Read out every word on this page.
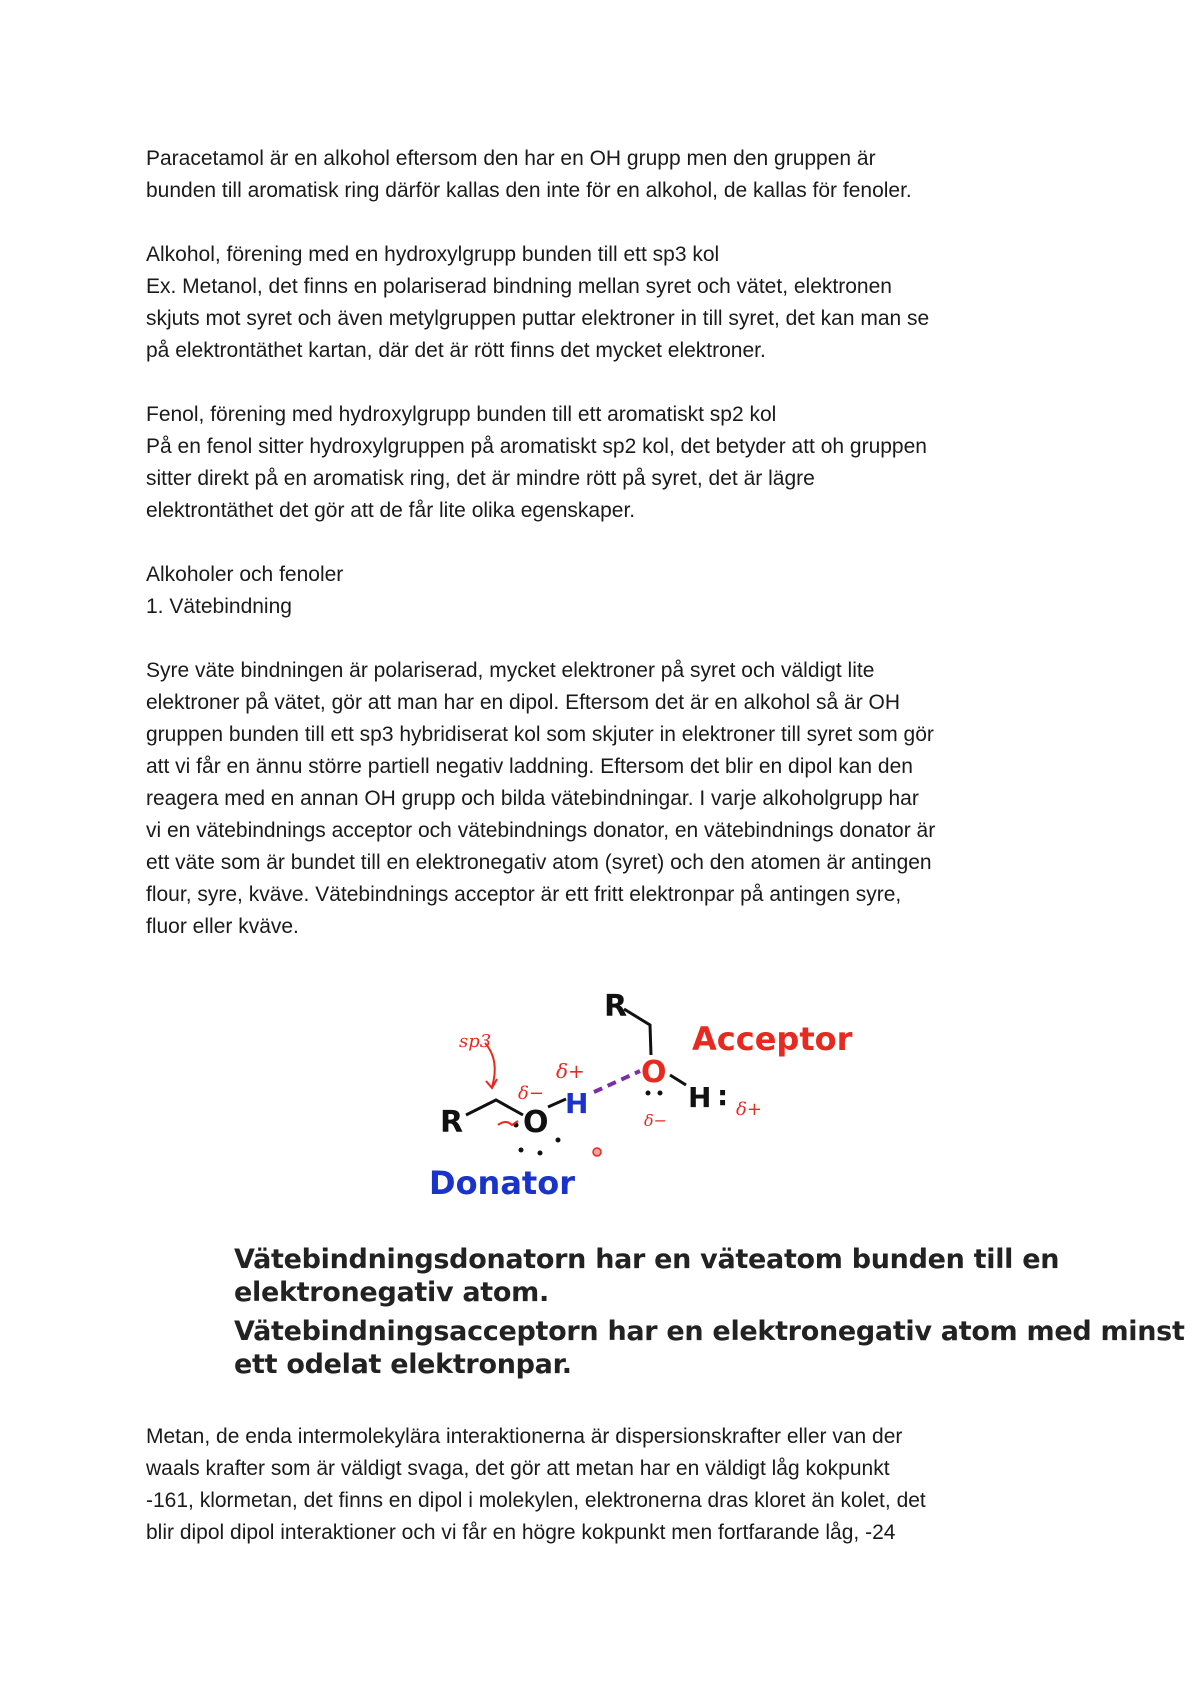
Paracetamol är en alkohol eftersom den har en OH grupp men den gruppen är
bunden till aromatisk ring därför kallas den inte för en alkohol, de kallas för fenoler.
Alkohol, förening med en hydroxylgrupp bunden till ett sp3 kol
Ex. Metanol, det finns en polariserad bindning mellan syret och vätet, elektronen
skjuts mot syret och även metylgruppen puttar elektroner in till syret, det kan man se
på elektrontäthet kartan, där det är rött finns det mycket elektroner.
Fenol, förening med hydroxylgrupp bunden till ett aromatiskt sp2 kol
På en fenol sitter hydroxylgruppen på aromatiskt sp2 kol, det betyder att oh gruppen
sitter direkt på en aromatisk ring, det är mindre rött på syret, det är lägre
elektrontäthet det gör att de får lite olika egenskaper.
Alkoholer och fenoler
1. Vätebindning
Syre väte bindningen är polariserad, mycket elektroner på syret och väldigt lite
elektroner på vätet, gör att man har en dipol. Eftersom det är en alkohol så är OH
gruppen bunden till ett sp3 hybridiserat kol som skjuter in elektroner till syret som gör
att vi får en ännu större partiell negativ laddning. Eftersom det blir en dipol kan den
reagera med en annan OH grupp och bilda vätebindningar. I varje alkoholgrupp har
vi en vätebindnings acceptor och vätebindnings donator, en vätebindnings donator är
ett väte som är bundet till en elektronegativ atom (syret) och den atomen är antingen
flour, syre, kväve. Vätebindnings acceptor är ett fritt elektronpar på antingen syre,
fluor eller kväve.
R
O
H :
Acceptor
H
O
R
Donator
sp3
δ−
δ+
δ−
δ+
Vätebindningsdonatorn har en väteatom bunden till en
elektronegativ atom.
Vätebindningsacceptorn har en elektronegativ atom med minst
ett odelat elektronpar.
Metan, de enda intermolekylära interaktionerna är dispersionskrafter eller van der
waals krafter som är väldigt svaga, det gör att metan har en väldigt låg kokpunkt
-161, klormetan, det finns en dipol i molekylen, elektronerna dras kloret än kolet, det
blir dipol dipol interaktioner och vi får en högre kokpunkt men fortfarande låg, -24
